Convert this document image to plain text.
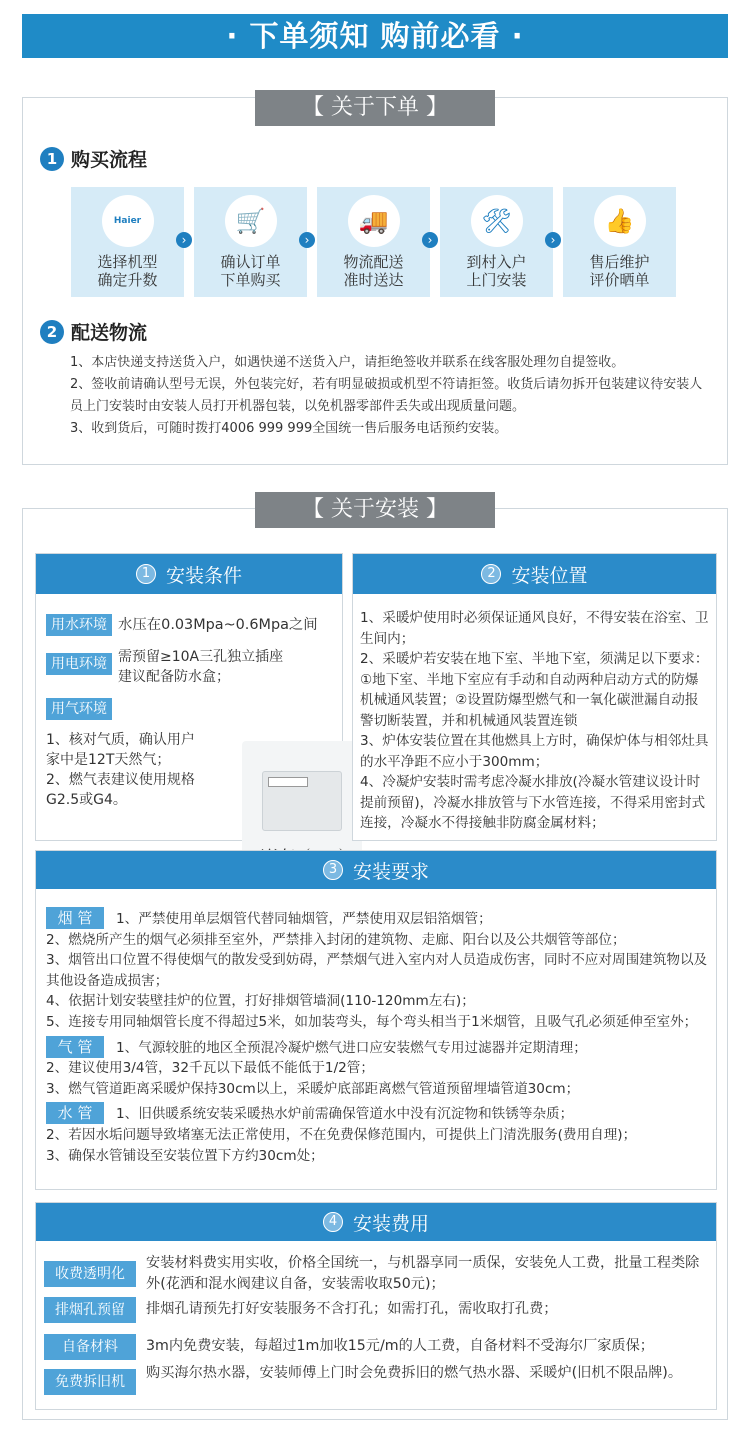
· 下单须知 购前必看 ·
【 关于下单 】
1 购买流程
Haier
选择机型
确定升数
›
🛒
确认订单
下单购买
›
🚚
物流配送
准时送达
›
🛠
到村入户
上门安装
›
👍
售后维护
评价晒单
2 配送物流
1、本店快递支持送货入户，如遇快递不送货入户，请拒绝签收并联系在线客服处理勿自提签收。
2、签收前请确认型号无误，外包装完好，若有明显破损或机型不符请拒签。收货后请勿拆开包装建议待安装人员上门安装时由安装人员打开机器包装，以免机器零部件丢失或出现质量问题。
3、收到货后，可随时拨打4006 999 999全国统一售后服务电话预约安装。
【 关于安装 】
1 安装条件
用水环境 水压在0.03Mpa~0.6Mpa之间
用电环境 需预留≥10A三孔独立插座
建议配备防水盒；
用气环境
1、核对气质，确认用户家中是12T天然气；
2、燃气表建议使用规格G2.5或G4。
2 安装位置
1、采暖炉使用时必须保证通风良好，不得安装在浴室、卫生间内；
2、采暖炉若安装在地下室、半地下室，须满足以下要求：①地下室、半地下室应有手动和自动两种启动方式的防爆机械通风装置；②设置防爆型燃气和一氧化碳泄漏自动报警切断装置，并和机械通风装置连锁
3、炉体安装位置在其他燃具上方时，确保炉体与相邻灶具的水平净距不应小于300mm；
4、冷凝炉安装时需考虑冷凝水排放(冷凝水管建议设计时提前预留)，冷凝水排放管与下水管连接，不得采用密封式连接，冷凝水不得接触非防腐金属材料；
3 安装要求
烟 管 1、严禁使用单层烟管代替同轴烟管，严禁使用双层铝箔烟管；
2、燃烧所产生的烟气必须排至室外，严禁排入封闭的建筑物、走廊、阳台以及公共烟管等部位；
3、烟管出口位置不得使烟气的散发受到妨碍，严禁烟气进入室内对人员造成伤害，同时不应对周围建筑物以及其他设备造成损害；
4、依据计划安装壁挂炉的位置，打好排烟管墙洞(110-120mm左右)；
5、连接专用同轴烟管长度不得超过5米，如加装弯头，每个弯头相当于1米烟管，且吸气孔必须延伸至室外；
气 管 1、气源较脏的地区全预混冷凝炉燃气进口应安装燃气专用过滤器并定期清理；
2、建议使用3/4管，32千瓦以下最低不能低于1/2管；
3、燃气管道距离采暖炉保持30cm以上，采暖炉底部距离燃气管道预留埋墙管道30cm；
水 管 1、旧供暖系统安装采暖热水炉前需确保管道水中没有沉淀物和铁锈等杂质；
2、若因水垢问题导致堵塞无法正常使用，不在免费保修范围内，可提供上门清洗服务(费用自理)；
3、确保水管铺设至安装位置下方约30cm处；
4 安装费用
收费透明化
安装材料费实用实收，价格全国统一，与机器享同一质保，安装免人工费，批量工程类除外(花洒和混水阀建议自备，安装需收取50元)；
排烟孔预留	排烟孔请预先打好安装服务不含打孔；如需打孔，需收取打孔费；
自备材料	3m内免费安装，每超过1m加收15元/m的人工费，自备材料不受海尔厂家质保；
免费拆旧机
购买海尔热水器，安装师傅上门时会免费拆旧的燃气热水器、采暖炉(旧机不限品牌)。
